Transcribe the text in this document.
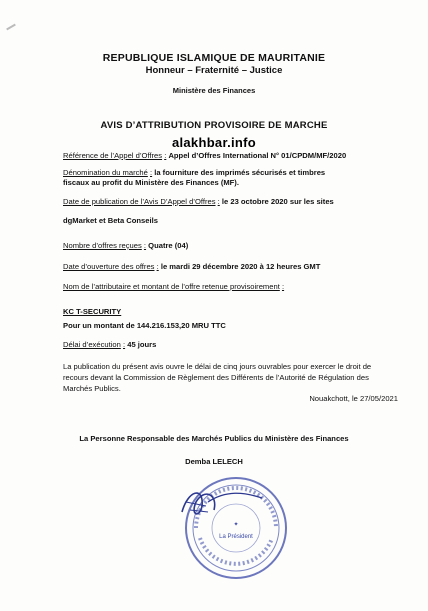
REPUBLIQUE ISLAMIQUE DE MAURITANIE
Honneur – Fraternité – Justice
Ministère des Finances
AVIS D’ATTRIBUTION PROVISOIRE DE MARCHE
alakhbar.info
Référence de l’Appel d’Offres : Appel d’Offres International N° 01/CPDM/MF/2020
Dénomination du marché : la fourniture des imprimés sécurisés et timbres
fiscaux au profit du Ministère des Finances (MF).
Date de publication de l’Avis D’Appel d’Offres : le 23 octobre 2020 sur les sites
dgMarket et Beta Conseils
Nombre d’offres reçues : Quatre (04)
Date d’ouverture des offres : le mardi 29 décembre 2020 à 12 heures GMT
Nom de l’attributaire et montant de l’offre retenue provisoirement :
KC T-SECURITY
Pour un montant de 144.216.153,20 MRU TTC
Délai d’exécution : 45 jours
La publication du présent avis ouvre le délai de cinq jours ouvrables pour exercer le droit de recours devant la Commission de Règlement des Différents de l’Autorité de Régulation des Marchés Publics.
Nouakchott, le 27/05/2021
La Personne Responsable des Marchés Publics du Ministère des Finances
Demba LELECH
✦
La Président
